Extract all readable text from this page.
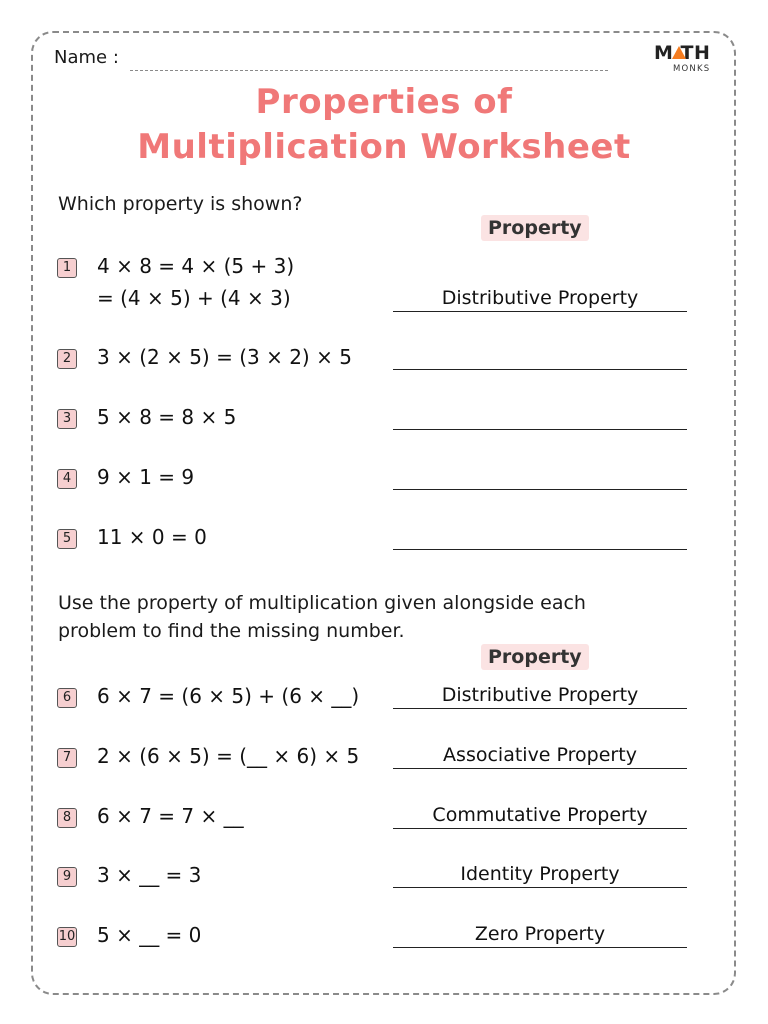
Name :	M TH
MONKS
Properties of
Multiplication Worksheet
Which property is shown?
Property
1 4 × 8 = 4 × (5 + 3)
= (4 × 5) + (4 × 3)	Distributive Property
2 3 × (2 × 5) = (3 × 2) × 5
3 5 × 8 = 8 × 5
4 9 × 1 = 9
5 11 × 0 = 0
Use the property of multiplication given alongside each
problem to find the missing number.
Property
6 6 × 7 = (6 × 5) + (6 × __)	Distributive Property
7 2 × (6 × 5) = (__ × 6) × 5	Associative Property
8 6 × 7 = 7 × __	Commutative Property
9 3 × __ = 3	Identity Property
10 5 × __ = 0	Zero Property
